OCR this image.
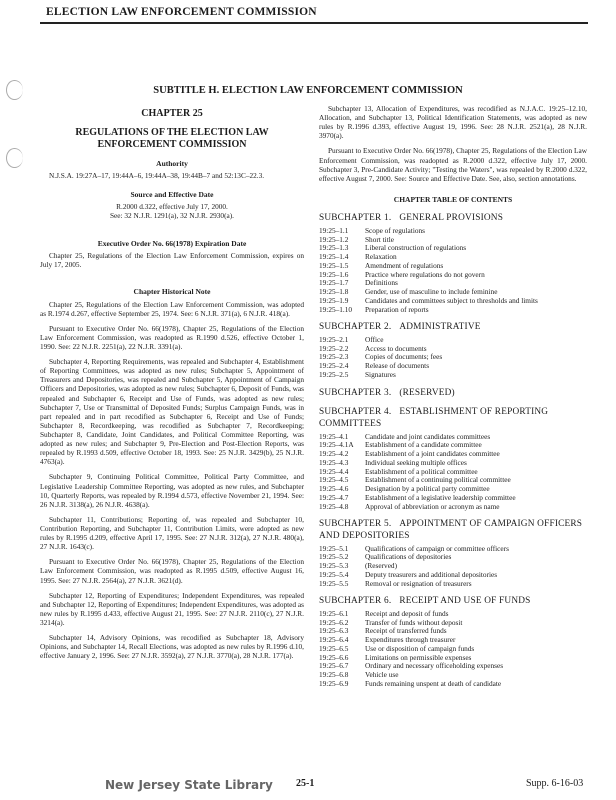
ELECTION LAW ENFORCEMENT COMMISSION
SUBTITLE H. ELECTION LAW ENFORCEMENT COMMISSION
CHAPTER 25
REGULATIONS OF THE ELECTION LAW ENFORCEMENT COMMISSION
Authority

N.J.S.A. 19:27A–17, 19:44A–6, 19:44A–38, 19:44B–7 and 52:13C–22.3.

Source and Effective Date

R.2000 d.322, effective July 17, 2000.

See: 32 N.J.R. 1291(a), 32 N.J.R. 2930(a).

Executive Order No. 66(1978) Expiration Date

Chapter 25, Regulations of the Election Law Enforcement Commission, expires on July 17, 2005.

Chapter Historical Note

Chapter 25, Regulations of the Election Law Enforcement Commission, was adopted as R.1974 d.267, effective September 25, 1974. See: 6 N.J.R. 371(a), 6 N.J.R. 418(a).

Pursuant to Executive Order No. 66(1978), Chapter 25, Regulations of the Election Law Enforcement Commission, was readopted as R.1990 d.526, effective October 1, 1990. See: 22 N.J.R. 2251(a), 22 N.J.R. 3391(a).

Subchapter 4, Reporting Requirements, was repealed and Subchapter 4, Establishment of Reporting Committees, was adopted as new rules; Subchapter 5, Appointment of Treasurers and Depositories, was repealed and Subchapter 5, Appointment of Campaign Officers and Depositories, was adopted as new rules; Subchapter 6, Deposit of Funds, was repealed and Subchapter 6, Receipt and Use of Funds, was adopted as new rules; Subchapter 7, Use or Transmittal of Deposited Funds; Surplus Campaign Funds, was in part repealed and in part recodified as Subchapter 6, Receipt and Use of Funds; Subchapter 8, Recordkeeping, was recodified as Subchapter 7, Recordkeeping; Subchapter 8, Candidate, Joint Candidates, and Political Committee Reporting, was adopted as new rules; and Subchapter 9, Pre-Election and Post-Election Reports, was repealed by R.1993 d.509, effective October 18, 1993. See: 25 N.J.R. 3429(b), 25 N.J.R. 4763(a).

Subchapter 9, Continuing Political Committee, Political Party Committee, and Legislative Leadership Committee Reporting, was adopted as new rules, and Subchapter 10, Quarterly Reports, was repealed by R.1994 d.573, effective November 21, 1994. See: 26 N.J.R. 3138(a), 26 N.J.R. 4638(a).

Subchapter 11, Contributions; Reporting of, was repealed and Subchapter 10, Contribution Reporting, and Subchapter 11, Contribution Limits, were adopted as new rules by R.1995 d.209, effective April 17, 1995. See: 27 N.J.R. 312(a), 27 N.J.R. 480(a), 27 N.J.R. 1643(c).

Pursuant to Executive Order No. 66(1978), Chapter 25, Regulations of the Election Law Enforcement Commission, was readopted as R.1995 d.509, effective August 16, 1995. See: 27 N.J.R. 2564(a), 27 N.J.R. 3621(d).

Subchapter 12, Reporting of Expenditures; Independent Expenditures, was repealed and Subchapter 12, Reporting of Expenditures; Independent Expenditures, was adopted as new rules by R.1995 d.433, effective August 21, 1995. See: 27 N.J.R. 2110(c), 27 N.J.R. 3214(a).

Subchapter 14, Advisory Opinions, was recodified as Subchapter 18, Advisory Opinions, and Subchapter 14, Recall Elections, was adopted as new rules by R.1996 d.10, effective January 2, 1996. See: 27 N.J.R. 3592(a), 27 N.J.R. 3770(a), 28 N.J.R. 177(a).

Subchapter 13, Allocation of Expenditures, was recodified as N.J.A.C. 19:25–12.10, Allocation, and Subchapter 13, Political Identification Statements, was adopted as new rules by R.1996 d.393, effective August 19, 1996. See: 28 N.J.R. 2521(a), 28 N.J.R. 3970(a).

Pursuant to Executive Order No. 66(1978), Chapter 25, Regulations of the Election Law Enforcement Commission, was readopted as R.2000 d.322, effective July 17, 2000. Subchapter 3, Pre-Candidate Activity; "Testing the Waters", was repealed by R.2000 d.322, effective August 7, 2000. See: Source and Effective Date. See, also, section annotations.

CHAPTER TABLE OF CONTENTS
SUBCHAPTER 1. GENERAL PROVISIONS
19:25–1.1	Scope of regulations
19:25–1.2	Short title
19:25–1.3	Liberal construction of regulations
19:25–1.4	Relaxation
19:25–1.5	Amendment of regulations
19:25–1.6	Practice where regulations do not govern
19:25–1.7	Definitions
19:25–1.8	Gender, use of masculine to include feminine
19:25–1.9	Candidates and committees subject to thresholds and limits
19:25–1.10	Preparation of reports
SUBCHAPTER 2. ADMINISTRATIVE
19:25–2.1	Office
19:25–2.2	Access to documents
19:25–2.3	Copies of documents; fees
19:25–2.4	Release of documents
19:25–2.5	Signatures
SUBCHAPTER 3. (RESERVED)
SUBCHAPTER 4. ESTABLISHMENT OF REPORTING COMMITTEES
19:25–4.1	Candidate and joint candidates committees
19:25–4.1A	Establishment of a candidate committee
19:25–4.2	Establishment of a joint candidates committee
19:25–4.3	Individual seeking multiple offices
19:25–4.4	Establishment of a political committee
19:25–4.5	Establishment of a continuing political committee
19:25–4.6	Designation by a political party committee
19:25–4.7	Establishment of a legislative leadership committee
19:25–4.8	Approval of abbreviation or acronym as name
SUBCHAPTER 5. APPOINTMENT OF CAMPAIGN OFFICERS AND DEPOSITORIES
19:25–5.1	Qualifications of campaign or committee officers
19:25–5.2	Qualifications of depositories
19:25–5.3	(Reserved)
19:25–5.4	Deputy treasurers and additional depositories
19:25–5.5	Removal or resignation of treasurers
SUBCHAPTER 6. RECEIPT AND USE OF FUNDS
19:25–6.1	Receipt and deposit of funds
19:25–6.2	Transfer of funds without deposit
19:25–6.3	Receipt of transferred funds
19:25–6.4	Expenditures through treasurer
19:25–6.5	Use or disposition of campaign funds
19:25–6.6	Limitations on permissible expenses
19:25–6.7	Ordinary and necessary officeholding expenses
19:25–6.8	Vehicle use
19:25–6.9	Funds remaining unspent at death of candidate
New Jersey State Library 25-1	Supp. 6-16-03
